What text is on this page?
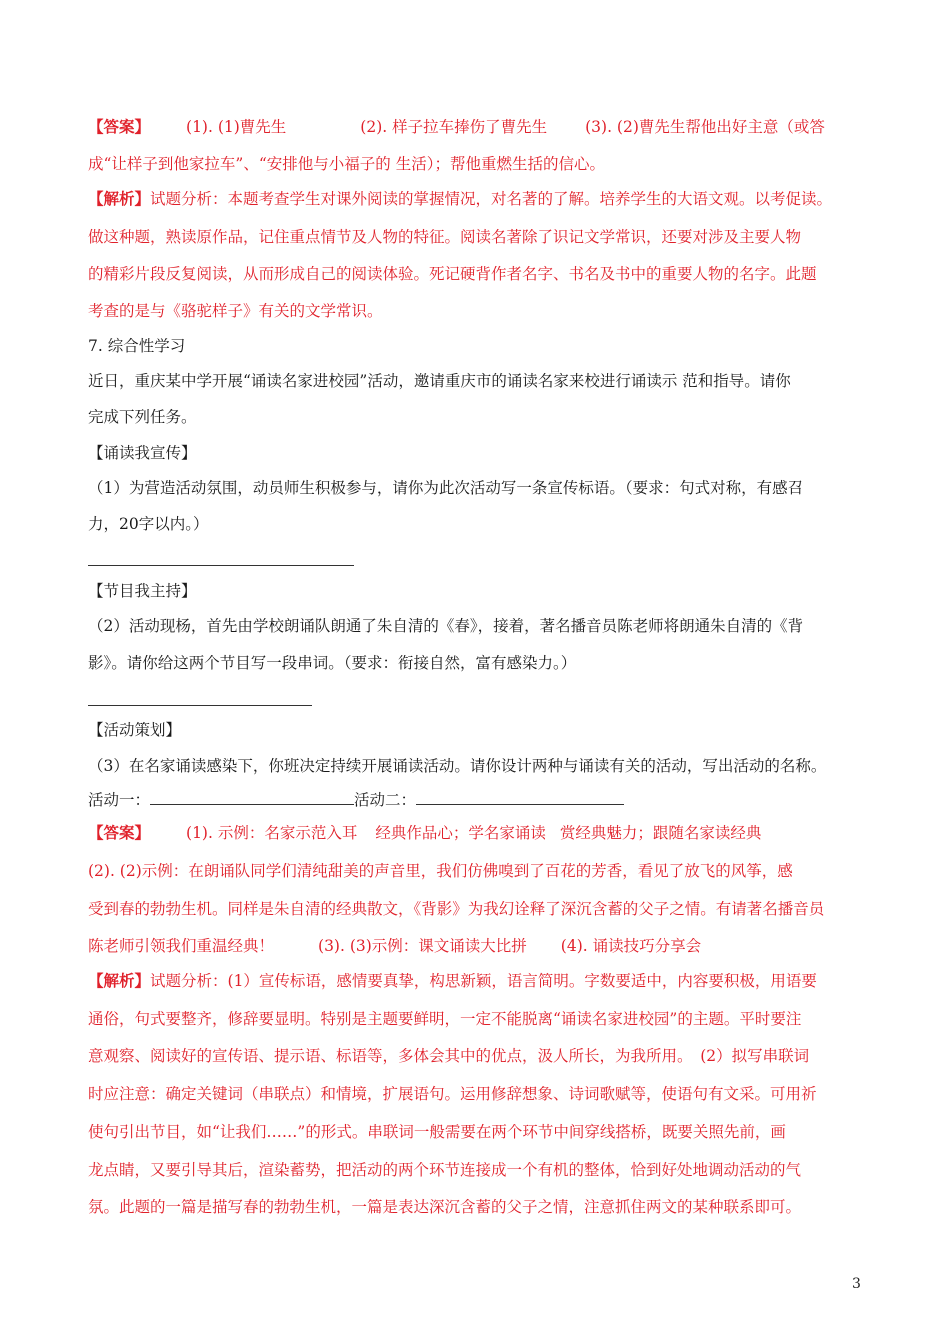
【答案】 (1). (1)曹先生	(2). 样子拉车捧伤了曹先生 (3). (2)曹先生帮他出好主意（或答
成“让样子到他家拉车”、“安排他与小福子的 生活）；帮他重燃生括的信心。
【解析】试题分析：本题考查学生对课外阅读的掌握情况，对名著的了解。培养学生的大语文观。以考促读。
做这种题，熟读原作品，记住重点情节及人物的特征。阅读名著除了识记文学常识，还要对涉及主要人物
的精彩片段反复阅读，从而形成自己的阅读体验。死记硬背作者名字、书名及书中的重要人物的名字。此题
考查的是与《骆驼样子》有关的文学常识。
7. 综合性学习
近日，重庆某中学开展“诵读名家进校园”活动，邀请重庆市的诵读名家来校进行诵读示 范和指导。请你
完成下列任务。
【诵读我宣传】
（1）为营造活动氛围，动员师生积极参与，请你为此次活动写一条宣传标语。（要求：句式对称，有感召
力，20字以内。）
【节目我主持】
（2）活动现杨，首先由学校朗诵队朗通了朱自清的《春》，接着，著名播音员陈老师将朗通朱自清的《背
影》。请你给这两个节目写一段串词。（要求：衔接自然，富有感染力。）
【活动策划】
（3）在名家诵读感染下，你班决定持续开展诵读活动。请你设计两种与诵读有关的活动，写出活动的名称。
活动一：	活动二：
【答案】 (1). 示例：名家示范入耳 经典作品心；学名家诵读 赏经典魅力；跟随名家读经典
(2). (2)示例：在朗诵队同学们清纯甜美的声音里，我们仿佛嗅到了百花的芳香，看见了放飞的风筝，感
受到春的勃勃生机。同样是朱自清的经典散文，《背影》为我幻诠释了深沉含蓄的父子之情。有请著名播音员
陈老师引领我们重温经典！	(3). (3)示例：课文诵读大比拼 (4). 诵读技巧分享会
【解析】试题分析：(1）宣传标语，感情要真挚，构思新颖，语言简明。字数要适中，内容要积极，用语要
通俗，句式要整齐，修辞要显明。特别是主题要鲜明，一定不能脱离“诵读名家进校园”的主题。平时要注
意观察、阅读好的宣传语、提示语、标语等，多体会其中的优点，汲人所长，为我所用。　(2）拟写串联词
时应注意：确定关键词（串联点）和情境，扩展语句。运用修辞想象、诗词歌赋等，使语句有文采。可用祈
使句引出节目，如“让我们……”的形式。串联词一般需要在两个环节中间穿线搭桥，既要关照先前，画
龙点睛，又要引导其后，渲染蓄势，把活动的两个环节连接成一个有机的整体，恰到好处地调动活动的气
氛。此题的一篇是描写春的勃勃生机，一篇是表达深沉含蓄的父子之情，注意抓住两文的某种联系即可。
3
